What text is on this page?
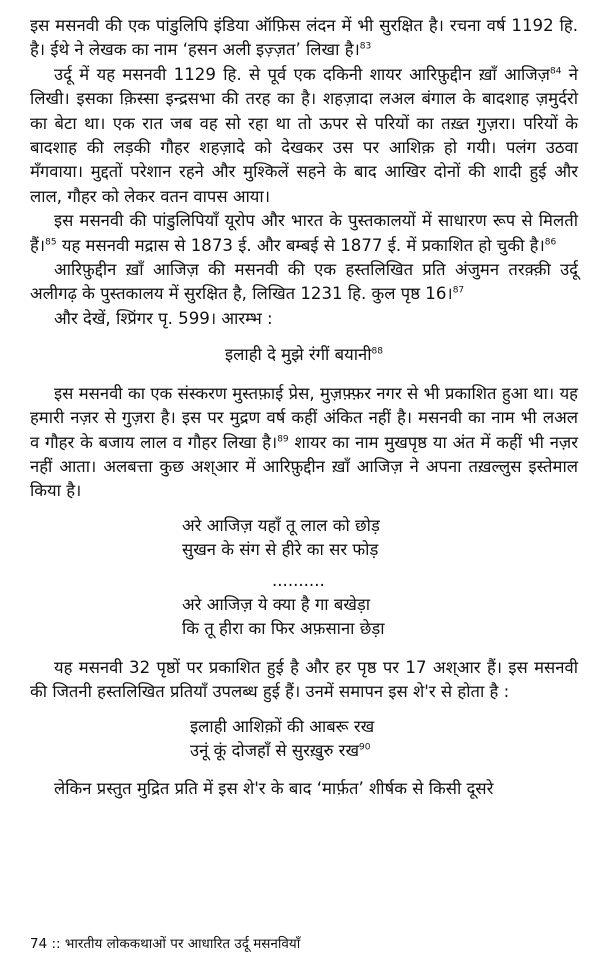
इस मसनवी की एक पांडुलिपि इंडिया ऑफ़िस लंदन में भी सुरक्षित है। रचना वर्ष 1192 हि. है। ईथे ने लेखक का नाम ‘हसन अली इज़्ज़त’ लिखा है।$^{83}$

उर्दू में यह मसनवी 1129 हि. से पूर्व एक दकिनी शायर आरिफ़ुद्दीन ख़ाँ आजिज़$^{84}$ ने लिखी। इसका क़िस्सा इन्द्रसभा की तरह का है। शहज़ादा लअल बंगाल के बादशाह ज़मुर्दरो का बेटा था। एक रात जब वह सो रहा था तो ऊपर से परियों का तख़्त गुज़रा। परियों के बादशाह की लड़की गौहर शहज़ादे को देखकर उस पर आशिक़ हो गयी। पलंग उठवा मँगवाया। मुद्दतों परेशान रहने और मुश्किलें सहने के बाद आखिर दोनों की शादी हुई और लाल, गौहर को लेकर वतन वापस आया।

इस मसनवी की पांडुलिपियाँ यूरोप और भारत के पुस्तकालयों में साधारण रूप से मिलती हैं।$^{85}$ यह मसनवी मद्रास से 1873 ई. और बम्बई से 1877 ई. में प्रकाशित हो चुकी है।$^{86}$

आरिफ़ुद्दीन ख़ाँ आजिज़ की मसनवी की एक हस्तलिखित प्रति अंजुमन तरक़्क़ी उर्दू अलीगढ़ के पुस्तकालय में सुरक्षित है, लिखित 1231 हि. कुल पृष्ठ 16।$^{87}$

और देखें, श्प्रिंगर पृ. 599। आरम्भ :

इलाही दे मुझे रंगीं बयानी$^{88}$

इस मसनवी का एक संस्करण मुस्तफ़ाई प्रेस, मुज़फ़्फ़र नगर से भी प्रकाशित हुआ था। यह हमारी नज़र से गुज़रा है। इस पर मुद्रण वर्ष कहीं अंकित नहीं है। मसनवी का नाम भी लअल व गौहर के बजाय लाल व गौहर लिखा है।$^{89}$ शायर का नाम मुखपृष्ठ या अंत में कहीं भी नज़र नहीं आता। अलबत्ता कुछ अश्आर में आरिफ़ुद्दीन ख़ाँ आजिज़ ने अपना तख़ल्लुस इस्तेमाल किया है।

अरे आजिज़ यहाँ तू लाल को छोड़
सुखन के संग से हीरे का सर फोड़
..........
अरे आजिज़ ये क्या है गा बखेड़ा
कि तू हीरा का फिर अफ़साना छेड़ा

यह मसनवी 32 पृष्ठों पर प्रकाशित हुई है और हर पृष्ठ पर 17 अश्आर हैं। इस मसनवी की जितनी हस्तलिखित प्रतियाँ उपलब्ध हुई हैं। उनमें समापन इस शे'र से होता है :

इलाही आशिक़ों की आबरू रख
उनूं कूं दोजहाँ से सुरख़ुरु रख$^{90}$

लेकिन प्रस्तुत मुद्रित प्रति में इस शे'र के बाद ‘मार्फ़त’ शीर्षक से किसी दूसरे

74 :: भारतीय लोककथाओं पर आधारित उर्दू मसनवियाँ
